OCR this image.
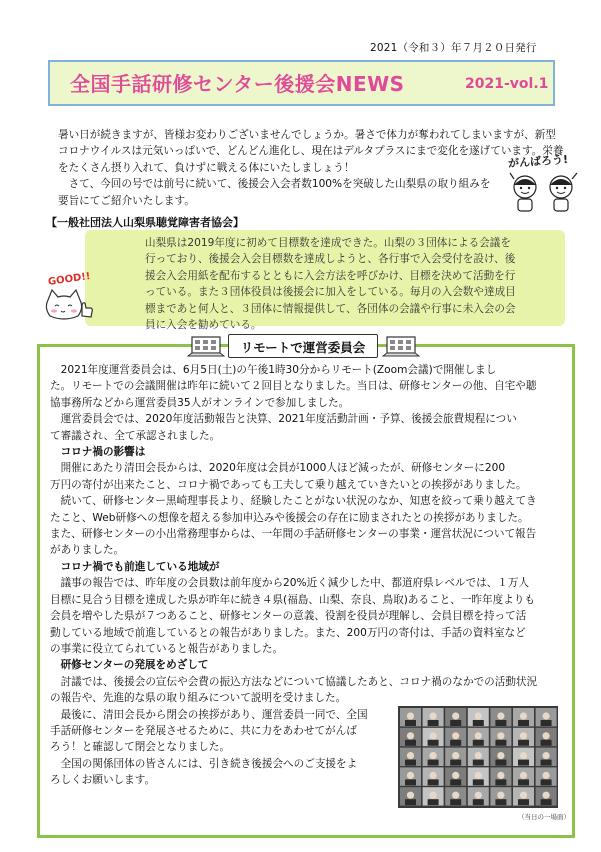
2021（令和３）年７月２０日発行
全国手話研修センター後援会NEWS	2021-vol.1

暑い日が続きますが、皆様お変わりございませんでしょうか。暑さで体力が奪われてしまいますが、新型

コロナウイルスは元気いっぱいで、どんどん進化し、現在はデルタプラスにまで変化を遂げています。栄養

をたくさん摂り入れて、負けずに戦える体にいたしましょう！

　さて、今回の号では前号に続いて、後援会入会者数100%を突破した山梨県の取り組みを

要旨にてご紹介いたします。

がんばろう!
【一般社団法人山梨県聴覚障害者協会】

山梨県は2019年度に初めて目標数を達成できた。山梨の３団体による会議を

行っており、後援会入会目標数を達成しようと、各行事で入会受付を設け、後

援会入会用紙を配布するとともに入会方法を呼びかけ、目標を決めて活動を行

っている。また３団体役員は後援会に加入をしている。毎月の入会数や達成目

標まであと何人と、３団体に情報提供して、各団体の会議や行事に未入会の会

員に入会を勧めている。

GOOD!!
リモートで運営委員会

　2021年度運営委員会は、6月5日(土)の午後1時30分からリモート(Zoom会議)で開催しまし

た。リモートでの会議開催は昨年に続いて２回目となりました。当日は、研修センターの他、自宅や聴

協事務所などから運営委員35人がオンラインで参加しました。

　運営委員会では、2020年度活動報告と決算、2021年度活動計画・予算、後援会旅費規程につい

て審議され、全て承認されました。

　コロナ禍の影響は

　開催にあたり清田会長からは、2020年度は会員が1000人ほど減ったが、研修センターに200

万円の寄付が出来たこと、コロナ禍であっても工夫して乗り越えていきたいとの挨拶がありました。

　続いて、研修センター黒崎理事長より、経験したことがない状況のなか、知恵を絞って乗り越えてき

たこと、Web研修への想像を超える参加申込みや後援会の存在に励まされたとの挨拶がありました。

また、研修センターの小出常務理事からは、一年間の手話研修センターの事業・運営状況について報告

がありました。

　コロナ禍でも前進している地域が

　議事の報告では、昨年度の会員数は前年度から20%近く減少した中、都道府県レベルでは、１万人

目標に見合う目標を達成した県が昨年に続き４県(福島、山梨、奈良、鳥取)あること、一昨年度よりも

会員を増やした県が７つあること、研修センターの意義、役割を役員が理解し、会員目標を持って活

動している地域で前進しているとの報告がありました。また、200万円の寄付は、手話の資料室など

の事業に役立てられていると報告がありました。

　研修センターの発展をめざして

　討議では、後援会の宣伝や会費の振込方法などについて協議したあと、コロナ禍のなかでの活動状況

の報告や、先進的な県の取り組みについて説明を受けました。

　最後に、清田会長から閉会の挨拶があり、運営委員一同で、全国

手話研修センターを発展させるために、共に力をあわせてがんば

ろう！と確認して閉会となりました。

　全国の関係団体の皆さんには、引き続き後援会へのご支援をよ

ろしくお願いします。

（当日の一場面）
